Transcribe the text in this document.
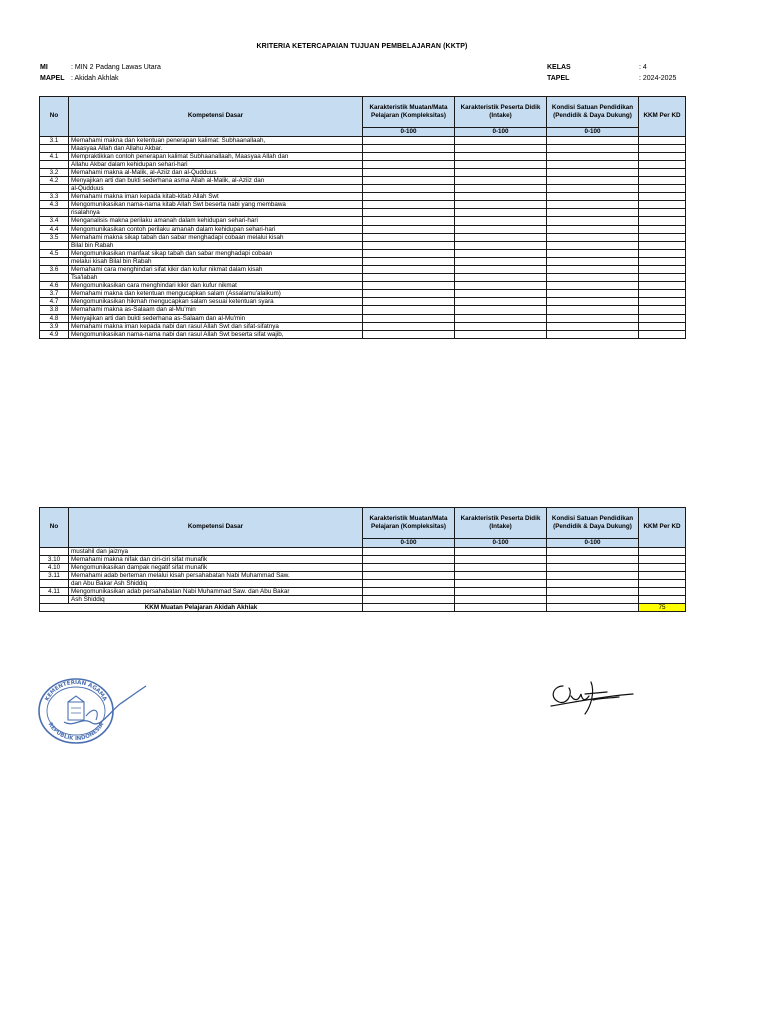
KRITERIA KETERCAPAIAN TUJUAN PEMBELAJARAN (KKTP)
MI	: MIN 2 Padang Lawas Utara
MAPEL : Akidah Akhlak
KELAS	: 4
TAPEL	: 2024-2025
No	Kompetensi Dasar	Karakteristik Muatan/Mata Pelajaran (Kompleksitas)	Karakteristik Peserta Didik (Intake)	Kondisi Satuan Pendidikan (Pendidik & Daya Dukung)	KKM Per KD
		0-100	0-100	0-100	
3.1	Memahami makna dan ketentuan penerapan kalimat: Subhaanallaah,				
	Maasyaa Allah dan Allahu Akbar.				
4.1	Mempraktikkan contoh penerapan kalimat Subhaanallaah, Maasyaa Allah dan				
	Allahu Akbar dalam kehidupan sehari-hari				
3.2	Memahami makna al-Malik, al-Aziiz dan al-Qudduus				
4.2	Menyajikan arti dan bukti sederhana asma Allah al-Malik, al-Aziiz dan				
	al-Qudduus				
3.3	Memahami makna iman kepada kitab-kitab Allah Swt				
4.3	Mengomunikasikan nama-nama kitab Allah Swt beserta nabi yang membawa				
	risalahnya				
3.4	Menganalisis makna perilaku amanah dalam kehidupan sehari-hari				
4.4	Mengomunikasikan contoh perilaku amanah dalam kehidupan sehari-hari				
3.5	Memahami makna sikap tabah dan sabar menghadapi cobaan melalui kisah				
	Bilal bin Rabah				
4.5	Mengomunikasikan manfaat sikap tabah dan sabar menghadapi cobaan				
	melalui kisah Bilal bin Rabah				
3.6	Memahami cara menghindari sifat kikir dan kufur nikmat dalam kisah				
	Tsa'labah				
4.6	Mengomunikasikan cara menghindari kikir dan kufur nikmat				
3.7	Memahami makna dan ketentuan mengucapkan salam (Assalamu'alaikum)				
4.7	Mengomunikasikan hikmah mengucapkan salam sesuai ketentuan syara				
3.8	Memahami makna as-Salaam dan al-Mu'min				
4.8	Menyajikan arti dan bukti sederhana as-Salaam dan al-Mu'min				
3.9	Memahami makna iman kepada nabi dan rasul Allah Swt dan sifat-sifatnya				
4.9	Mengomunikasikan nama-nama nabi dan rasul Allah Swt beserta sifat wajib,				
No	Kompetensi Dasar	Karakteristik Muatan/Mata Pelajaran (Kompleksitas)	Karakteristik Peserta Didik (Intake)	Kondisi Satuan Pendidikan (Pendidik & Daya Dukung)	KKM Per KD
		0-100	0-100	0-100	
	mustahil dan jaiznya				
3.10	Memahami makna nifak dan ciri-ciri sifat munafik				
4.10	Mengomunikasikan dampak negatif sifat munafik				
3.11	Memahami adab berteman melalui kisah persahabatan Nabi Muhammad Saw.				
	dan Abu Bakar Ash Shiddiq				
4.11	Mengomunikasikan adab persahabatan Nabi Muhammad Saw. dan Abu Bakar				
	Ash Shiddiq				
KKM Muatan Pelajaran Akidah Akhlak					75
KEMENTERIAN AGAMA
REPUBLIK INDONESIA
